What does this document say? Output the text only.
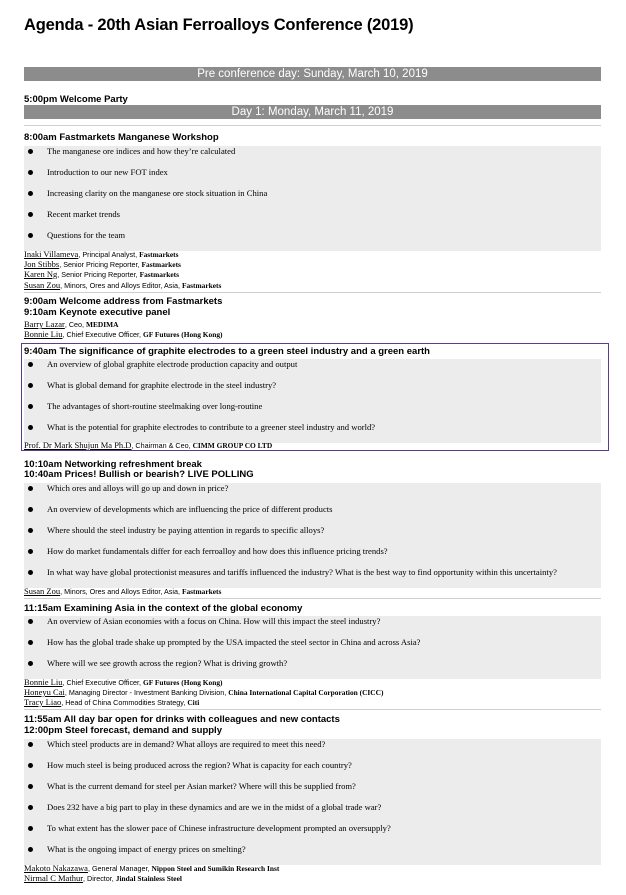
Agenda - 20th Asian Ferroalloys Conference (2019)
Pre conference day: Sunday, March 10, 2019
5:00pm Welcome Party
Day 1: Monday, March 11, 2019
8:00am Fastmarkets Manganese Workshop
The manganese ore indices and how they’re calculated
Introduction to our new FOT index
Increasing clarity on the manganese ore stock situation in China
Recent market trends
Questions for the team
Inaki Villameva, Principal Analyst, Fastmarkets
Jon Stibbs, Senior Pricing Reporter, Fastmarkets
Karen Ng, Senior Pricing Reporter, Fastmarkets
Susan Zou, Minors, Ores and Alloys Editor, Asia, Fastmarkets
9:00am Welcome address from Fastmarkets
9:10am Keynote executive panel
Barry Lazar, Ceo, MEDIMA
Bonnie Liu, Chief Executive Officer, GF Futures (Hong Kong)
9:40am The significance of graphite electrodes to a green steel industry and a green earth
An overview of global graphite electrode production capacity and output
What is global demand for graphite electrode in the steel industry?
The advantages of short-routine steelmaking over long-routine
What is the potential for graphite electrodes to contribute to a greener steel industry and world?
Prof. Dr Mark Shujun Ma Ph.D, Chairman & Ceo, CIMM GROUP CO LTD
10:10am Networking refreshment break
10:40am Prices! Bullish or bearish? LIVE POLLING
Which ores and alloys will go up and down in price?
An overview of developments which are influencing the price of different products
Where should the steel industry be paying attention in regards to specific alloys?
How do market fundamentals differ for each ferroalloy and how does this influence pricing trends?
In what way have global protectionist measures and tariffs influenced the industry? What is the best way to find opportunity within this uncertainty?
Susan Zou, Minors, Ores and Alloys Editor, Asia, Fastmarkets
11:15am Examining Asia in the context of the global economy
An overview of Asian economies with a focus on China. How will this impact the steel industry?
How has the global trade shake up prompted by the USA impacted the steel sector in China and across Asia?
Where will we see growth across the region? What is driving growth?
Bonnie Liu, Chief Executive Officer, GF Futures (Hong Kong)
Honeyu Cai, Managing Director - Investment Banking Division, China International Capital Corporation (CICC)
Tracy Liao, Head of China Commodities Strategy, Citi
11:55am All day bar open for drinks with colleagues and new contacts
12:00pm Steel forecast, demand and supply
Which steel products are in demand? What alloys are required to meet this need?
How much steel is being produced across the region? What is capacity for each country?
What is the current demand for steel per Asian market? Where will this be supplied from?
Does 232 have a big part to play in these dynamics and are we in the midst of a global trade war?
To what extent has the slower pace of Chinese infrastructure development prompted an oversupply?
What is the ongoing impact of energy prices on smelting?
Makoto Nakazawa, General Manager, Nippon Steel and Sumikin Research Inst
Nirmal C Mathur, Director, Jindal Stainless Steel
